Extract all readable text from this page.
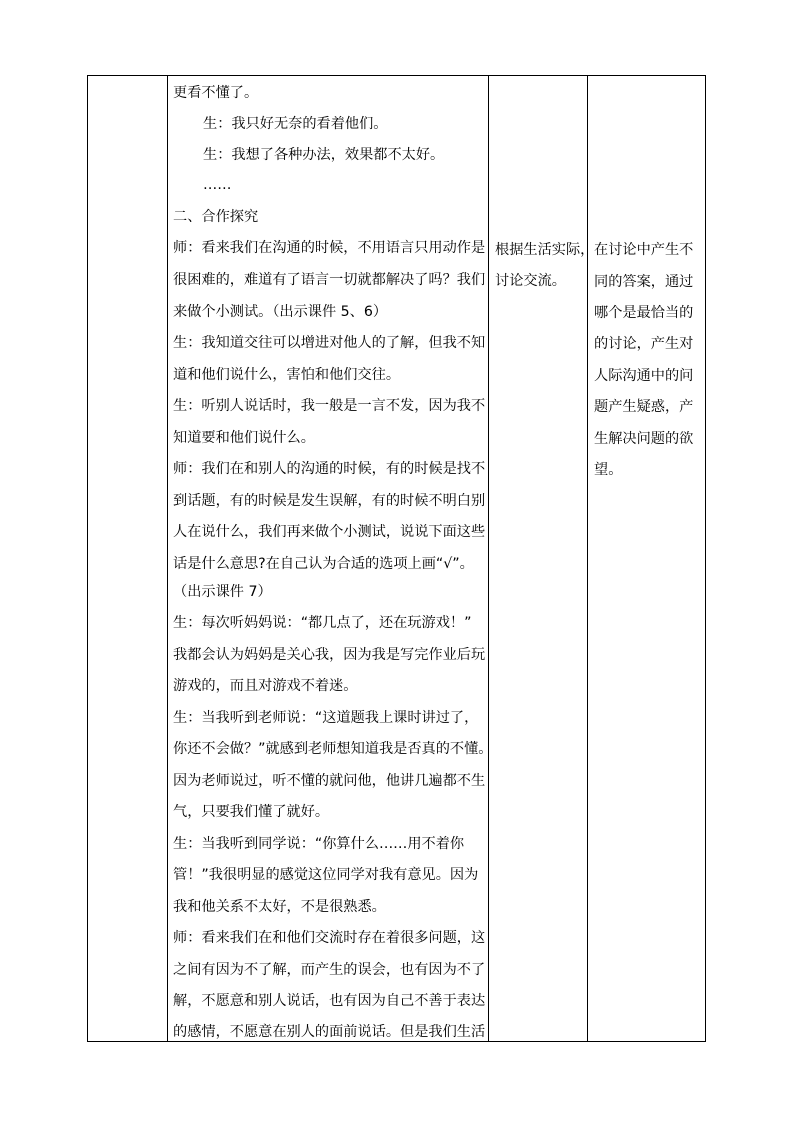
更看不懂了。
生：我只好无奈的看着他们。
生：我想了各种办法，效果都不太好。
……
二、合作探究
师：看来我们在沟通的时候，不用语言只用动作是
很困难的，难道有了语言一切就都解决了吗？我们
来做个小测试。（出示课件 5、6）
生：我知道交往可以增进对他人的了解，但我不知
道和他们说什么，害怕和他们交往。
生：听别人说话时，我一般是一言不发，因为我不
知道要和他们说什么。
师：我们在和别人的沟通的时候，有的时候是找不
到话题，有的时候是发生误解，有的时候不明白别
人在说什么，我们再来做个小测试，说说下面这些
话是什么意思?在自己认为合适的选项上画“√”。
（出示课件 7）
生：每次听妈妈说：“都几点了，还在玩游戏！”
我都会认为妈妈是关心我，因为我是写完作业后玩
游戏的，而且对游戏不着迷。
生：当我听到老师说：“这道题我上课时讲过了，
你还不会做？”就感到老师想知道我是否真的不懂。
因为老师说过，听不懂的就问他，他讲几遍都不生
气，只要我们懂了就好。
生：当我听到同学说：“你算什么……用不着你
管！”我很明显的感觉这位同学对我有意见。因为
我和他关系不太好，不是很熟悉。
师：看来我们在和他们交流时存在着很多问题，这
之间有因为不了解，而产生的误会，也有因为不了
解，不愿意和别人说话，也有因为自己不善于表达
的感情，不愿意在别人的面前说话。但是我们生活
根据生活实际，
讨论交流。
在讨论中产生不
同的答案，通过
哪个是最恰当的
的讨论，产生对
人际沟通中的问
题产生疑惑，产
生解决问题的欲
望。
